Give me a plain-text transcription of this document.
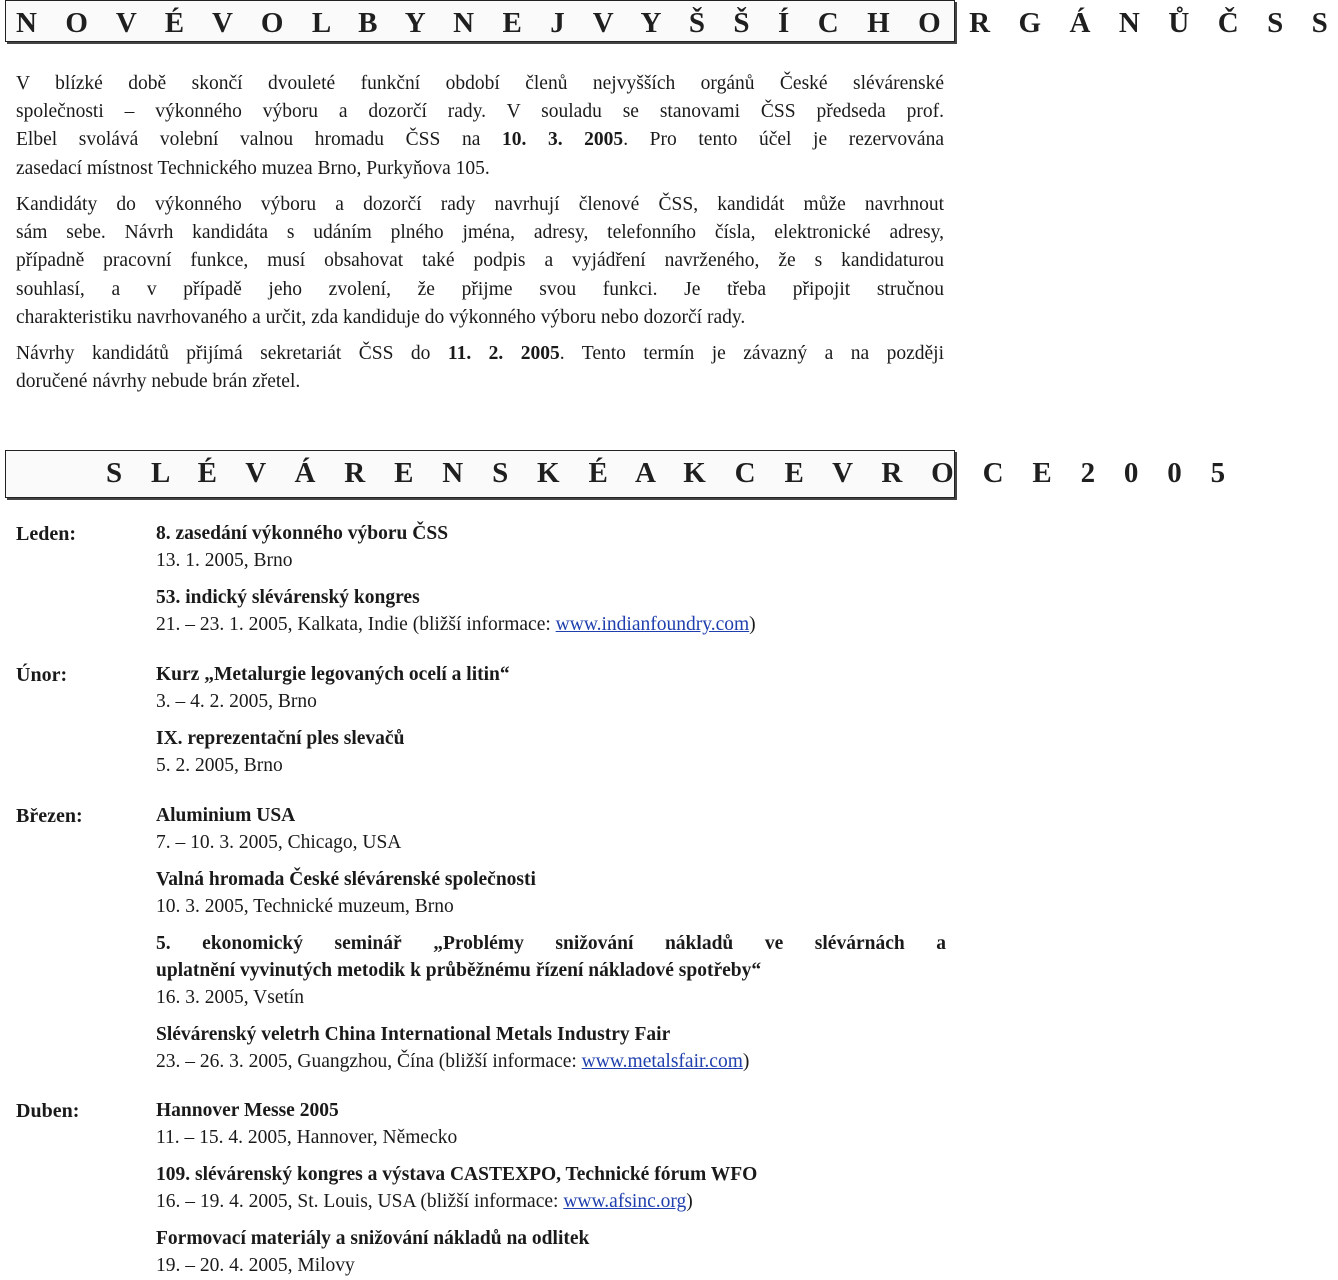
N O V É V O L B Y N E J V Y Š Š Í C H O R G Á N Ů Č S S
V blízké době skončí dvouleté funkční období členů nejvyšších orgánů České slévárenské
společnosti – výkonného výboru a dozorčí rady. V souladu se stanovami ČSS předseda prof.
Elbel svolává volební valnou hromadu ČSS na 10. 3. 2005. Pro tento účel je rezervována
zasedací místnost Technického muzea Brno, Purkyňova 105.
Kandidáty do výkonného výboru a dozorčí rady navrhují členové ČSS, kandidát může navrhnout
sám sebe. Návrh kandidáta s udáním plného jména, adresy, telefonního čísla, elektronické adresy,
případně pracovní funkce, musí obsahovat také podpis a vyjádření navrženého, že s kandidaturou
souhlasí, a v případě jeho zvolení, že přijme svou funkci. Je třeba připojit stručnou
charakteristiku navrhovaného a určit, zda kandiduje do výkonného výboru nebo dozorčí rady.
Návrhy kandidátů přijímá sekretariát ČSS do 11. 2. 2005. Tento termín je závazný a na později
doručené návrhy nebude brán zřetel.
S L É V Á R E N S K É A K C E V R O C E 2 0 0 5
Leden:
Únor:
Březen:
Duben:
8. zasedání výkonného výboru ČSS
13. 1. 2005, Brno
53. indický slévárenský kongres
21. – 23. 1. 2005, Kalkata, Indie (bližší informace: www.indianfoundry.com)
Kurz „Metalurgie legovaných ocelí a litin“
3. – 4. 2. 2005, Brno
IX. reprezentační ples slevačů
5. 2. 2005, Brno
Aluminium USA
7. – 10. 3. 2005, Chicago, USA
Valná hromada České slévárenské společnosti
10. 3. 2005, Technické muzeum, Brno
5. ekonomický seminář „Problémy snižování nákladů ve slévárnách a
uplatnění vyvinutých metodik k průběžnému řízení nákladové spotřeby“
16. 3. 2005, Vsetín
Slévárenský veletrh China International Metals Industry Fair
23. – 26. 3. 2005, Guangzhou, Čína (bližší informace: www.metalsfair.com)
Hannover Messe 2005
11. – 15. 4. 2005, Hannover, Německo
109. slévárenský kongres a výstava CASTEXPO, Technické fórum WFO
16. – 19. 4. 2005, St. Louis, USA (bližší informace: www.afsinc.org)
Formovací materiály a snižování nákladů na odlitek
19. – 20. 4. 2005, Milovy
